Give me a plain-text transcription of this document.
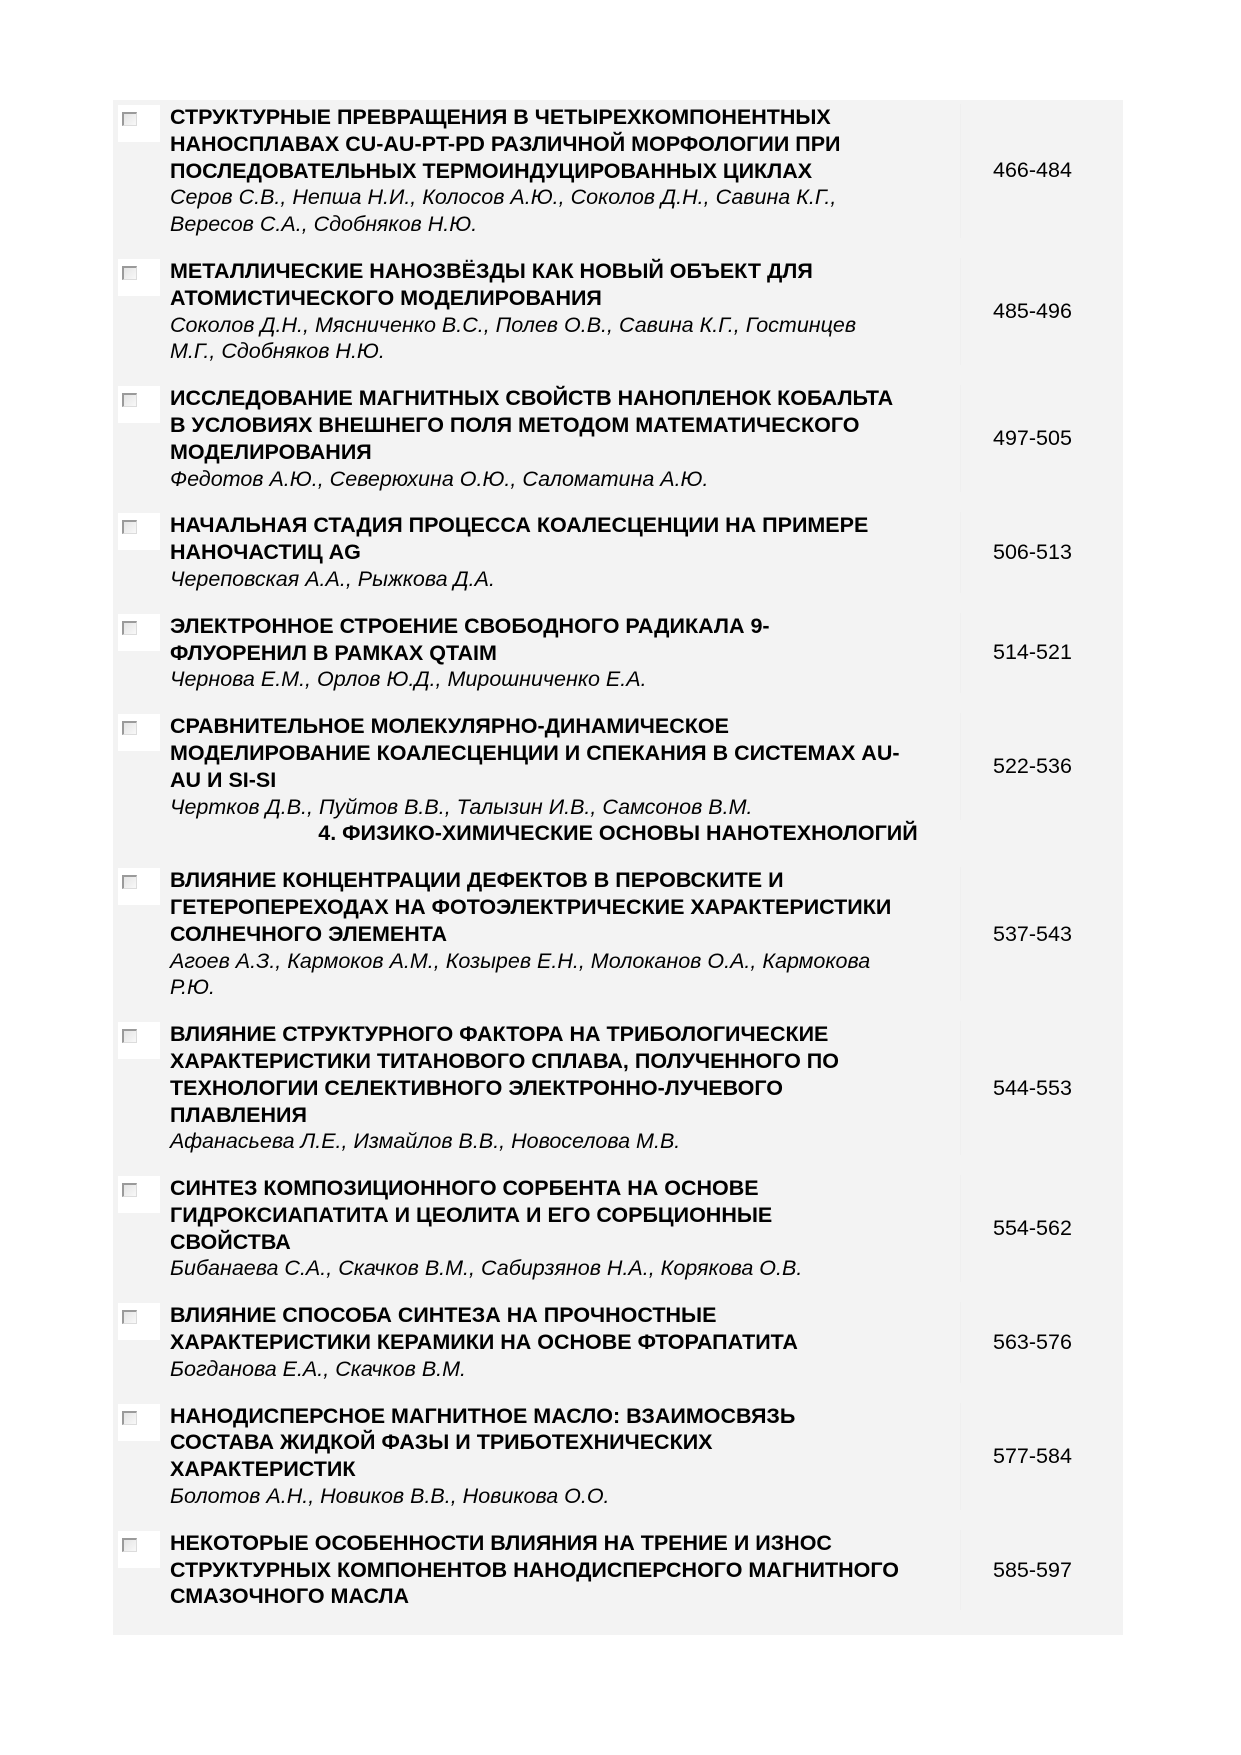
СТРУКТУРНЫЕ ПРЕВРАЩЕНИЯ В ЧЕТЫРЕХКОМПОНЕНТНЫХ
НАНОСПЛАВАХ CU-AU-PT-PD РАЗЛИЧНОЙ МОРФОЛОГИИ ПРИ
ПОСЛЕДОВАТЕЛЬНЫХ ТЕРМОИНДУЦИРОВАННЫХ ЦИКЛАХ
Серов С.В., Непша Н.И., Колосов А.Ю., Соколов Д.Н., Савина К.Г.,
Вересов С.А., Сдобняков Н.Ю.
466-484
МЕТАЛЛИЧЕСКИЕ НАНОЗВЁЗДЫ КАК НОВЫЙ ОБЪЕКТ ДЛЯ
АТОМИСТИЧЕСКОГО МОДЕЛИРОВАНИЯ
Соколов Д.Н., Мясниченко В.С., Полев О.В., Савина К.Г., Гостинцев
М.Г., Сдобняков Н.Ю.
485-496
ИССЛЕДОВАНИЕ МАГНИТНЫХ СВОЙСТВ НАНОПЛЕНОК КОБАЛЬТА
В УСЛОВИЯХ ВНЕШНЕГО ПОЛЯ МЕТОДОМ МАТЕМАТИЧЕСКОГО
МОДЕЛИРОВАНИЯ
Федотов А.Ю., Северюхина О.Ю., Саломатина А.Ю.
497-505
НАЧАЛЬНАЯ СТАДИЯ ПРОЦЕССА КОАЛЕСЦЕНЦИИ НА ПРИМЕРЕ
НАНОЧАСТИЦ AG
Череповская А.А., Рыжкова Д.А.
506-513
ЭЛЕКТРОННОЕ СТРОЕНИЕ СВОБОДНОГО РАДИКАЛА 9-
ФЛУОРЕНИЛ В РАМКАХ QTAIM
Чернова Е.М., Орлов Ю.Д., Мирошниченко Е.А.
514-521
СРАВНИТЕЛЬНОЕ МОЛЕКУЛЯРНО-ДИНАМИЧЕСКОЕ
МОДЕЛИРОВАНИЕ КОАЛЕСЦЕНЦИИ И СПЕКАНИЯ В СИСТЕМАХ AU-
AU И SI-SI
Чертков Д.В., Пуйтов В.В., Талызин И.В., Самсонов В.М.
522-536
4. ФИЗИКО-ХИМИЧЕСКИЕ ОСНОВЫ НАНОТЕХНОЛОГИЙ
ВЛИЯНИЕ КОНЦЕНТРАЦИИ ДЕФЕКТОВ В ПЕРОВСКИТЕ И
ГЕТЕРОПЕРЕХОДАХ НА ФОТОЭЛЕКТРИЧЕСКИЕ ХАРАКТЕРИСТИКИ
СОЛНЕЧНОГО ЭЛЕМЕНТА
Агоев А.З., Кармоков А.М., Козырев Е.Н., Молоканов О.А., Кармокова
Р.Ю.
537-543
ВЛИЯНИЕ СТРУКТУРНОГО ФАКТОРА НА ТРИБОЛОГИЧЕСКИЕ
ХАРАКТЕРИСТИКИ ТИТАНОВОГО СПЛАВА, ПОЛУЧЕННОГО ПО
ТЕХНОЛОГИИ СЕЛЕКТИВНОГО ЭЛЕКТРОННО-ЛУЧЕВОГО
ПЛАВЛЕНИЯ
Афанасьева Л.Е., Измайлов В.В., Новоселова М.В.
544-553
СИНТЕЗ КОМПОЗИЦИОННОГО СОРБЕНТА НА ОСНОВЕ
ГИДРОКСИАПАТИТА И ЦЕОЛИТА И ЕГО СОРБЦИОННЫЕ
СВОЙСТВА
Бибанаева С.А., Скачков В.М., Сабирзянов Н.А., Корякова О.В.
554-562
ВЛИЯНИЕ СПОСОБА СИНТЕЗА НА ПРОЧНОСТНЫЕ
ХАРАКТЕРИСТИКИ КЕРАМИКИ НА ОСНОВЕ ФТОРАПАТИТА
Богданова Е.А., Скачков В.М.
563-576
НАНОДИСПЕРСНОЕ МАГНИТНОЕ МАСЛО: ВЗАИМОСВЯЗЬ
СОСТАВА ЖИДКОЙ ФАЗЫ И ТРИБОТЕХНИЧЕСКИХ
ХАРАКТЕРИСТИК
Болотов А.Н., Новиков В.В., Новикова О.О.
577-584
НЕКОТОРЫЕ ОСОБЕННОСТИ ВЛИЯНИЯ НА ТРЕНИЕ И ИЗНОС
СТРУКТУРНЫХ КОМПОНЕНТОВ НАНОДИСПЕРСНОГО МАГНИТНОГО
СМАЗОЧНОГО МАСЛА
585-597
